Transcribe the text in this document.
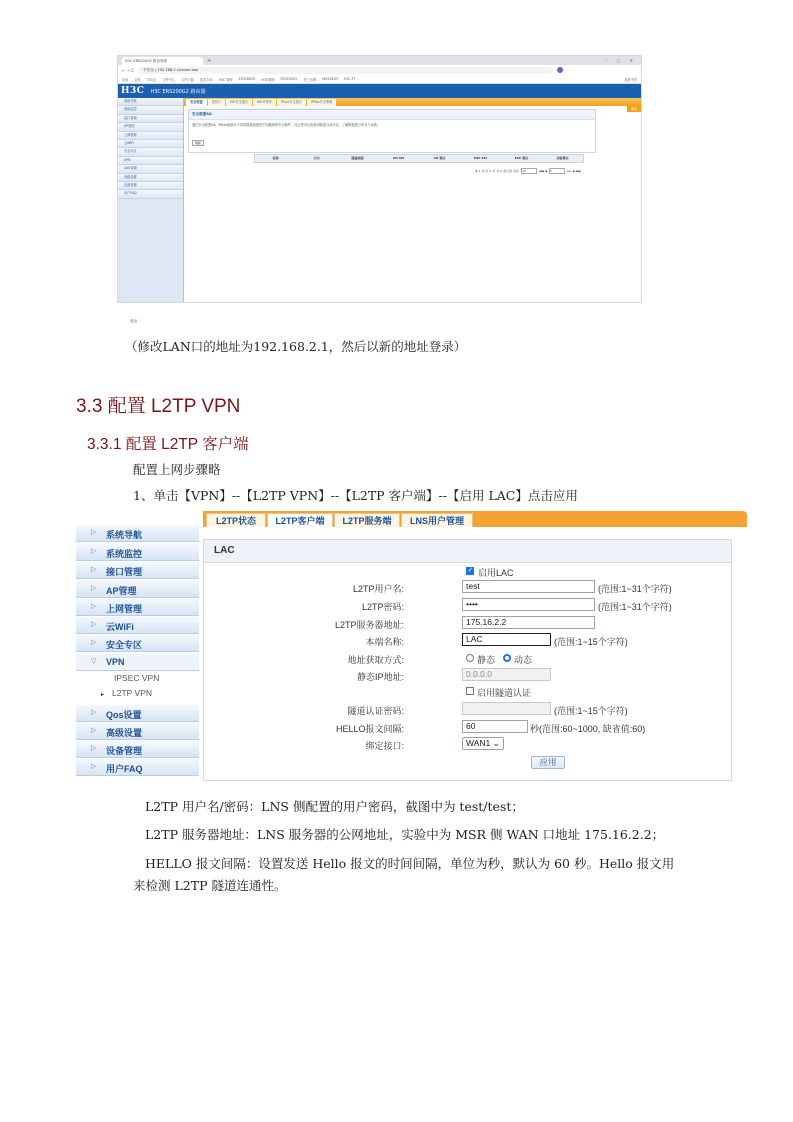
H3C ERS200G2 路由管理	+	– ▢ ✕
← → C	不安全 | 192.168.2.1/home.asp
应用 百度 学位证 文件中心 文件下载 技术支持 H3C 管理 ER3260G2 H3C管理 ER5200G2 华三官网 WX5540H H3C-FT	其他书签
H3C H3C ERS200G2 路由器
系统导航
系统监控
接口管理
AP管理
上网管理
云WiFi
安全专区
VPN
QoS设置
高级设置
设备管理
用户FAQ
退出
安全联盟	虚拟口	IKE安全提议	IKE对等体	IPSec安全提议	IPSec安全策略
帮助
安全联盟SA
通过安全联盟SA，IPSec能够对不同的数据流提供不同级别的安全保护，在这里可以查看到隧道当前状态，了解隧道建立的各个参数。
刷新
名称	方向	隧道两端	AH SPI	AH 算法	ESP SPI	ESP 算法	加密算法
第 1 页/共 0 页 共 0 条记录 每页	10	◀◀ ◀	1	Go ▶ ▶▶
（修改LAN口的地址为192.168.2.1，然后以新的地址登录）
3.3 配置 L2TP VPN
3.3.1 配置 L2TP 客户端
配置上网步骤略
1、单击【VPN】--【L2TP VPN】--【L2TP 客户端】--【启用 LAC】点击应用
▷ 系统导航
▷ 系统监控
▷ 接口管理
▷ AP管理
▷ 上网管理
▷ 云WiFi
▷ 安全专区
▽ VPN
IPSEC VPN
▸ L2TP VPN
▷ Qos设置
▷ 高级设置
▷ 设备管理
▷ 用户FAQ
L2TP状态	L2TP客户端	L2TP服务端	LNS用户管理
LAC
✓
启用LAC
L2TP用户名:	test	(范围:1~31个字符)
L2TP密码:	••••	(范围:1~31个字符)
L2TP服务器地址:	175.16.2.2
本端名称:	LAC	(范围:1~15个字符)
地址获取方式:	静态 动态
静态IP地址:	0.0.0.0
启用隧道认证
隧道认证密码:	(范围:1~15个字符)
HELLO报文间隔:	60	秒(范围:60~1000, 缺省值:60)
绑定接口:	WAN1 ⌄
应用
L2TP 用户名/密码：LNS 侧配置的用户密码，截图中为 test/test；
L2TP 服务器地址：LNS 服务器的公网地址，实验中为 MSR 侧 WAN 口地址 175.16.2.2；
HELLO 报文间隔：设置发送 Hello 报文的时间间隔，单位为秒，默认为 60 秒。Hello 报文用
来检测 L2TP 隧道连通性。
